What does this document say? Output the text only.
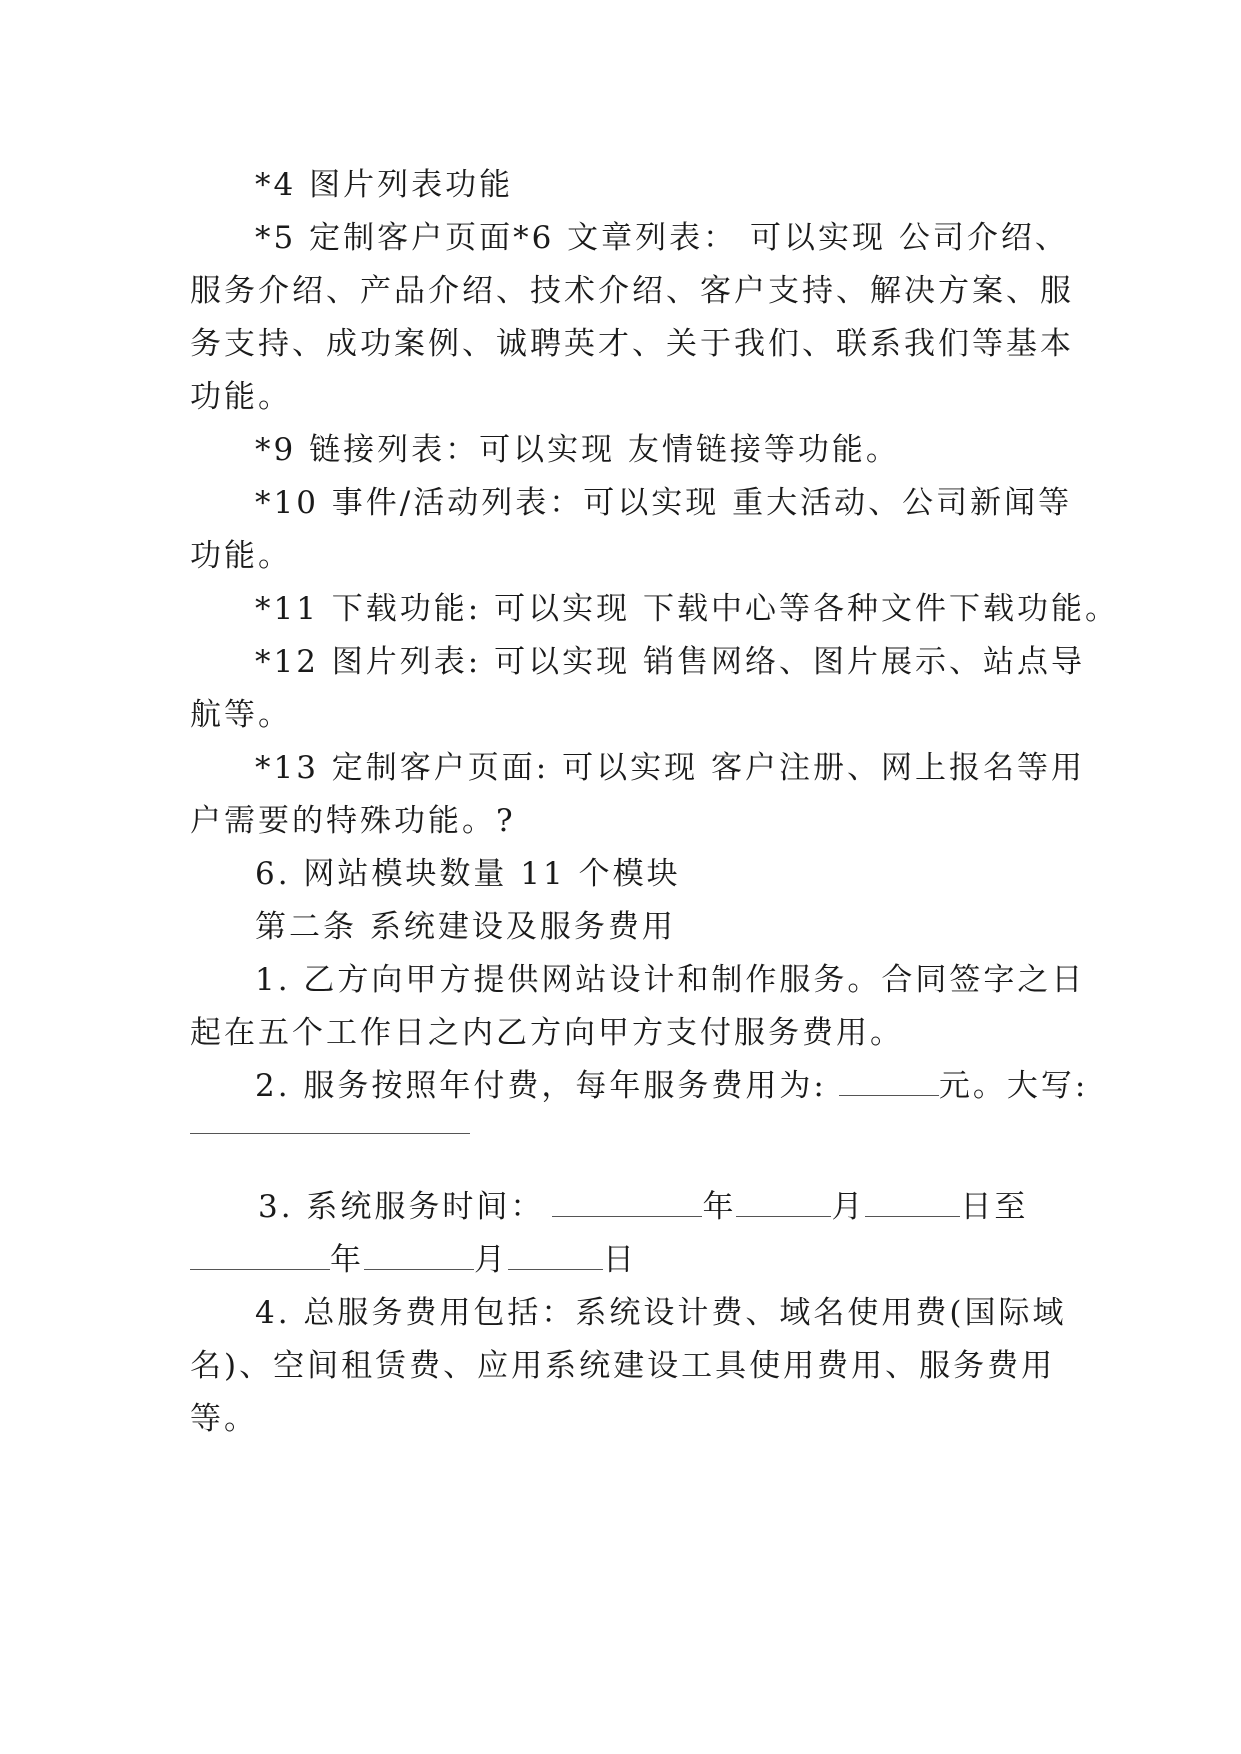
*4 图片列表功能
*5 定制客户页面*6 文章列表： 可以实现 公司介绍、
服务介绍、产品介绍、技术介绍、客户支持、解决方案、服
务支持、成功案例、诚聘英才、关于我们、联系我们等基本
功能。
*9 链接列表：可以实现 友情链接等功能。
*10 事件/活动列表：可以实现 重大活动、公司新闻等
功能。
*11 下载功能: 可以实现 下载中心等各种文件下载功能。
*12 图片列表: 可以实现 销售网络、图片展示、站点导
航等。
*13 定制客户页面: 可以实现 客户注册、网上报名等用
户需要的特殊功能。?
6. 网站模块数量 11 个模块
第二条 系统建设及服务费用
1. 乙方向甲方提供网站设计和制作服务。合同签字之日
起在五个工作日之内乙方向甲方支付服务费用。
2. 服务按照年付费，每年服务费用为:	元。大写:
3. 系统服务时间：	年	月	日至
年	月	日
4. 总服务费用包括：系统设计费、域名使用费(国际域
名)、空间租赁费、应用系统建设工具使用费用、服务费用
等。
